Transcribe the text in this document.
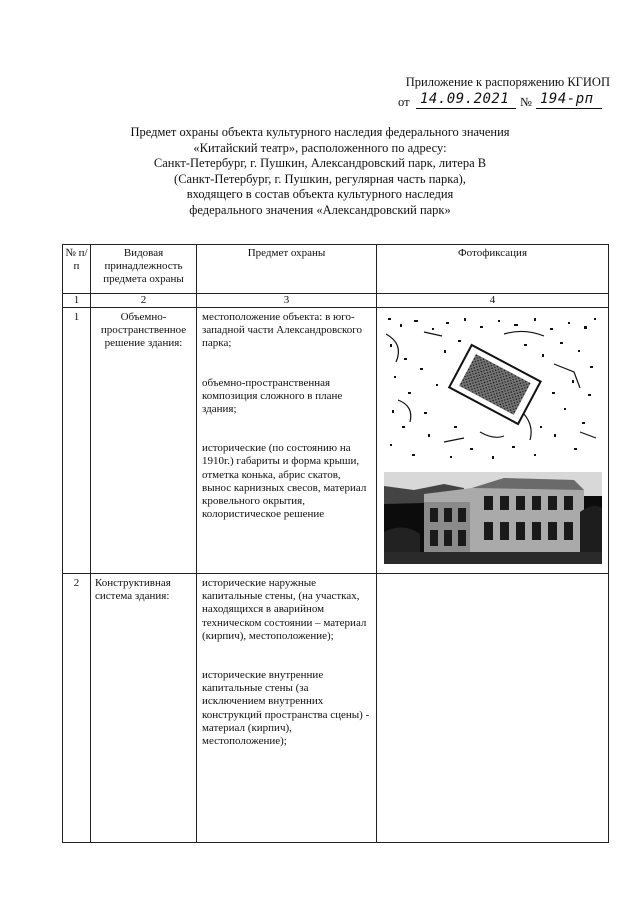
Приложение к распоряжению КГИОП
от 14.09.2021 № 194-рп
Предмет охраны объекта культурного наследия федерального значения
«Китайский театр», расположенного по адресу:
Санкт-Петербург, г. Пушкин, Александровский парк, литера В
(Санкт-Петербург, г. Пушкин, регулярная часть парка),
входящего в состав объекта культурного наследия
федерального значения «Александровский парк»
№ п/п	Видовая принадлежность предмета охраны	Предмет охраны	Фотофиксация
1	2	3	4
1	Объемно-пространственное решение здания:	местоположение объекта: в юго-западной части Александровского парка;

объемно-пространственная композиция сложного в плане здания;

исторические (по состоянию на 1910г.) габариты и форма крыши, отметка конька, абрис скатов, вынос карнизных свесов, материал кровельного окрытия, колористическое решение

2	Конструктивная система здания:	исторические наружные капитальные стены, (на участках, находящихся в аварийном техническом состоянии – материал (кирпич), местоположение);

исторические внутренние капитальные стены (за исключением внутренних конструкций пространства сцены) - материал (кирпич), местоположение);	
